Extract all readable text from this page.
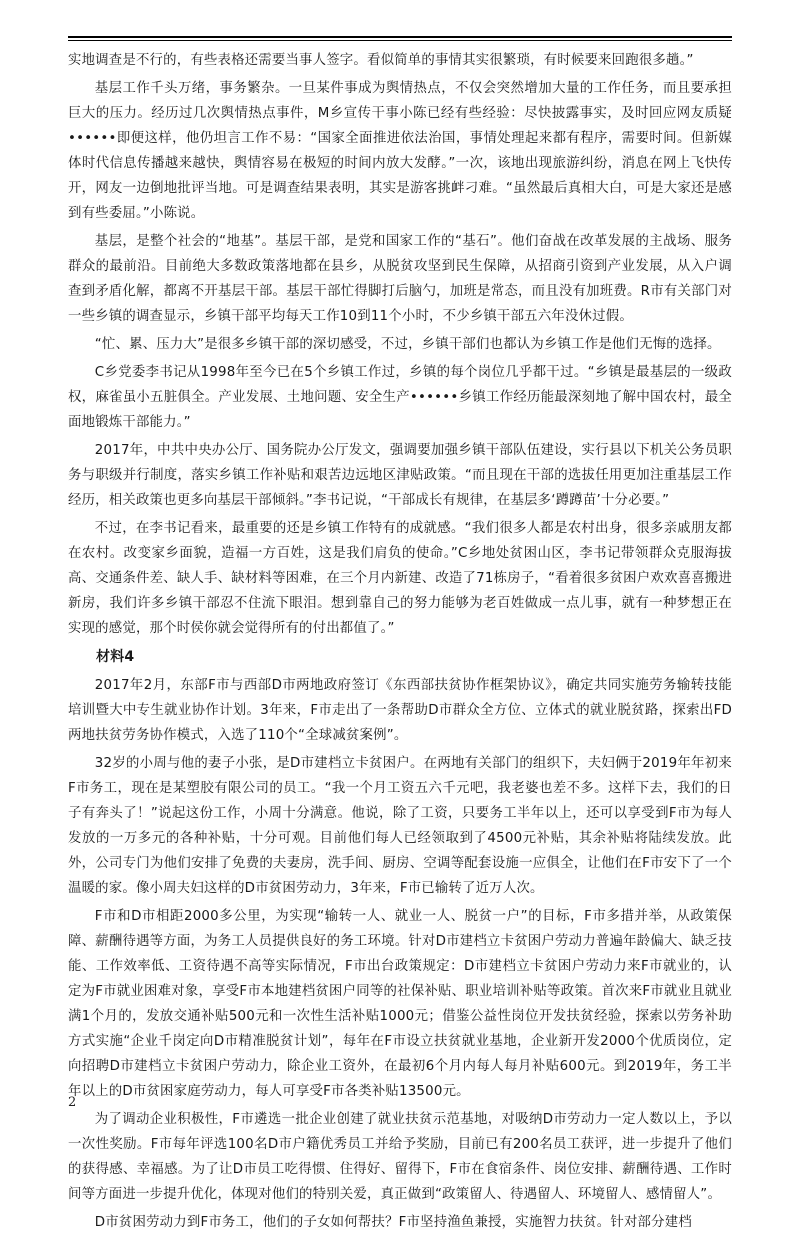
实地调查是不行的，有些表格还需要当事人签字。看似简单的事情其实很繁琐，有时候要来回跑很多趟。”

基层工作千头万绪，事务繁杂。一旦某件事成为舆情热点，不仅会突然增加大量的工作任务，而且要承担巨大的压力。经历过几次舆情热点事件，M乡宣传干事小陈已经有些经验：尽快披露事实，及时回应网友质疑••••••即便这样，他仍坦言工作不易：“国家全面推进依法治国，事情处理起来都有程序，需要时间。但新媒体时代信息传播越来越快，舆情容易在极短的时间内放大发酵。”一次，该地出现旅游纠纷，消息在网上飞快传开，网友一边倒地批评当地。可是调查结果表明，其实是游客挑衅刁难。“虽然最后真相大白，可是大家还是感到有些委屈。”小陈说。

基层，是整个社会的“地基”。基层干部，是党和国家工作的“基石”。他们奋战在改革发展的主战场、服务群众的最前沿。目前绝大多数政策落地都在县乡，从脱贫攻坚到民生保障，从招商引资到产业发展，从入户调查到矛盾化解，都离不开基层干部。基层干部忙得脚打后脑勺，加班是常态，而且没有加班费。R市有关部门对一些乡镇的调查显示，乡镇干部平均每天工作10到11个小时，不少乡镇干部五六年没休过假。

“忙、累、压力大”是很多乡镇干部的深切感受，不过，乡镇干部们也都认为乡镇工作是他们无悔的选择。

C乡党委李书记从1998年至今已在5个乡镇工作过，乡镇的每个岗位几乎都干过。“乡镇是最基层的一级政权，麻雀虽小五脏俱全。产业发展、土地问题、安全生产••••••乡镇工作经历能最深刻地了解中国农村，最全面地锻炼干部能力。”

2017年，中共中央办公厅、国务院办公厅发文，强调要加强乡镇干部队伍建设，实行县以下机关公务员职务与职级并行制度，落实乡镇工作补贴和艰苦边远地区津贴政策。“而且现在干部的选拔任用更加注重基层工作经历，相关政策也更多向基层干部倾斜。”李书记说，“干部成长有规律，在基层多‘蹲蹲苗’十分必要。”

不过，在李书记看来，最重要的还是乡镇工作特有的成就感。“我们很多人都是农村出身，很多亲戚朋友都在农村。改变家乡面貌，造福一方百姓，这是我们肩负的使命。”C乡地处贫困山区，李书记带领群众克服海拔高、交通条件差、缺人手、缺材料等困难，在三个月内新建、改造了71栋房子，“看着很多贫困户欢欢喜喜搬进新房，我们许多乡镇干部忍不住流下眼泪。想到靠自己的努力能够为老百姓做成一点儿事，就有一种梦想正在实现的感觉，那个时侯你就会觉得所有的付出都值了。”

材料4

2017年2月，东部F市与西部D市两地政府签订《东西部扶贫协作框架协议》，确定共同实施劳务输转技能培训暨大中专生就业协作计划。3年来，F市走出了一条帮助D市群众全方位、立体式的就业脱贫路，探索出FD两地扶贫劳务协作模式，入选了110个“全球减贫案例”。

32岁的小周与他的妻子小张，是D市建档立卡贫困户。在两地有关部门的组织下，夫妇俩于2019年年初来F市务工，现在是某塑胶有限公司的员工。“我一个月工资五六千元吧，我老婆也差不多。这样下去，我们的日子有奔头了！”说起这份工作，小周十分满意。他说，除了工资，只要务工半年以上，还可以享受到F市为每人发放的一万多元的各种补贴，十分可观。目前他们每人已经领取到了4500元补贴，其余补贴将陆续发放。此外，公司专门为他们安排了免费的夫妻房，洗手间、厨房、空调等配套设施一应俱全，让他们在F市安下了一个温暖的家。像小周夫妇这样的D市贫困劳动力，3年来，F市已输转了近万人次。

F市和D市相距2000多公里，为实现“输转一人、就业一人、脱贫一户”的目标，F市多措并举，从政策保障、薪酬待遇等方面，为务工人员提供良好的务工环境。针对D市建档立卡贫困户劳动力普遍年龄偏大、缺乏技能、工作效率低、工资待遇不高等实际情况，F市出台政策规定：D市建档立卡贫困户劳动力来F市就业的，认定为F市就业困难对象，享受F市本地建档贫困户同等的社保补贴、职业培训补贴等政策。首次来F市就业且就业满1个月的，发放交通补贴500元和一次性生活补贴1000元；借鉴公益性岗位开发扶贫经验，探索以劳务补助方式实施“企业千岗定向D市精准脱贫计划”，每年在F市设立扶贫就业基地，企业新开发2000个优质岗位，定向招聘D市建档立卡贫困户劳动力，除企业工资外，在最初6个月内每人每月补贴600元。到2019年，务工半年以上的D市贫困家庭劳动力，每人可享受F市各类补贴13500元。

为了调动企业积极性，F市遴选一批企业创建了就业扶贫示范基地，对吸纳D市劳动力一定人数以上，予以一次性奖励。F市每年评选100名D市户籍优秀员工并给予奖励，目前已有200名员工获评，进一步提升了他们的获得感、幸福感。为了让D市员工吃得惯、住得好、留得下，F市在食宿条件、岗位安排、薪酬待遇、工作时间等方面进一步提升优化，体现对他们的特别关爱，真正做到“政策留人、待遇留人、环境留人、感情留人”。

D市贫困劳动力到F市务工，他们的子女如何帮扶？F市坚持渔鱼兼授，实施智力扶贫。针对部分建档

2
